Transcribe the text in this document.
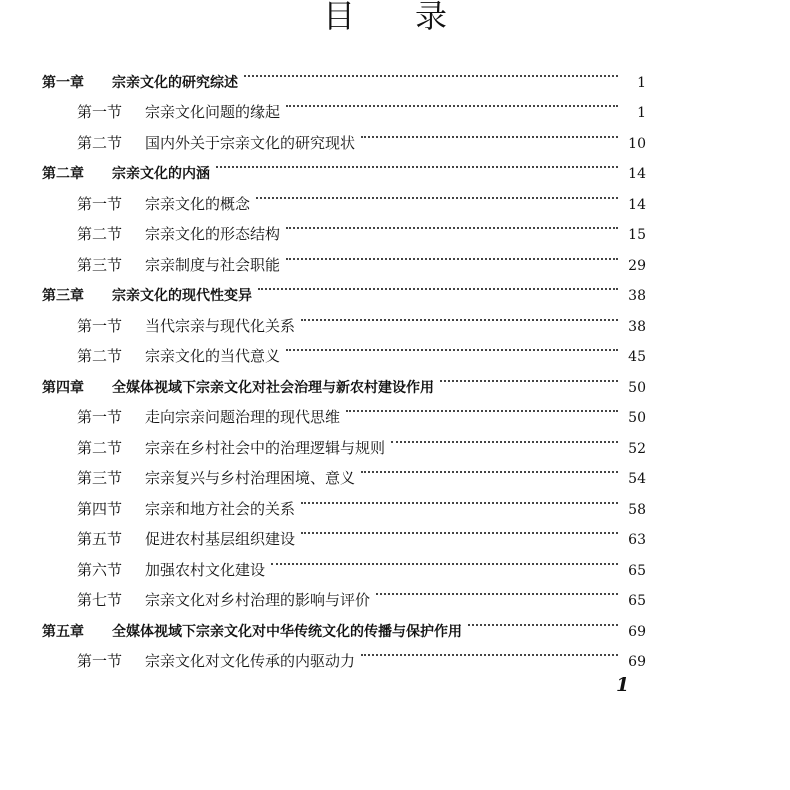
目录
第一章	宗亲文化的研究综述	1
第一节	宗亲文化问题的缘起	1
第二节	国内外关于宗亲文化的研究现状	10
第二章	宗亲文化的内涵	14
第一节	宗亲文化的概念	14
第二节	宗亲文化的形态结构	15
第三节	宗亲制度与社会职能	29
第三章	宗亲文化的现代性变异	38
第一节	当代宗亲与现代化关系	38
第二节	宗亲文化的当代意义	45
第四章	全媒体视域下宗亲文化对社会治理与新农村建设作用	50
第一节	走向宗亲问题治理的现代思维	50
第二节	宗亲在乡村社会中的治理逻辑与规则	52
第三节	宗亲复兴与乡村治理困境、意义	54
第四节	宗亲和地方社会的关系	58
第五节	促进农村基层组织建设	63
第六节	加强农村文化建设	65
第七节	宗亲文化对乡村治理的影响与评价	65
第五章	全媒体视域下宗亲文化对中华传统文化的传播与保护作用	69
第一节	宗亲文化对文化传承的内驱动力	69
1
